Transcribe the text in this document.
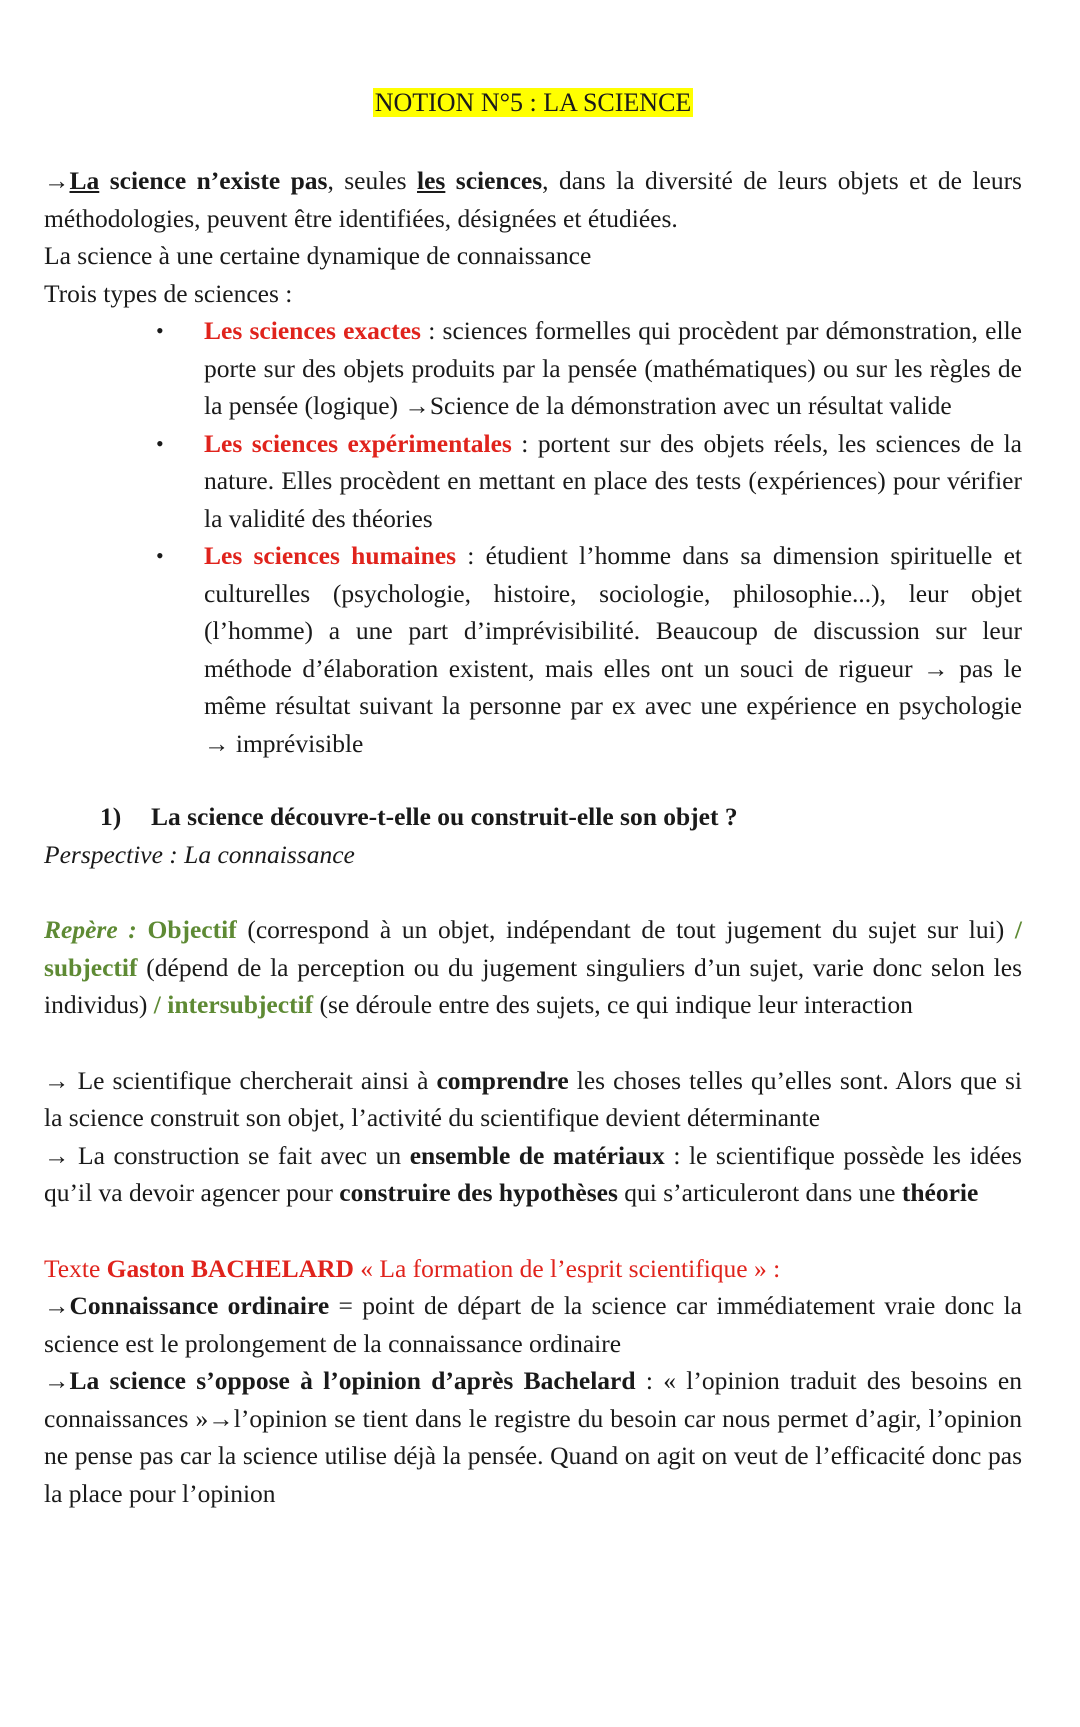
NOTION N°5 : LA SCIENCE

→La science n’existe pas, seules les sciences, dans la diversité de leurs objets et de leurs méthodologies, peuvent être identifiées, désignées et étudiées.

La science à une certaine dynamique de connaissance

Trois types de sciences :

• Les sciences exactes : sciences formelles qui procèdent par démonstration, elle porte sur des objets produits par la pensée (mathématiques) ou sur les règles de la pensée (logique) →Science de la démonstration avec un résultat valide
• Les sciences expérimentales : portent sur des objets réels, les sciences de la nature. Elles procèdent en mettant en place des tests (expériences) pour vérifier la validité des théories
• Les sciences humaines : étudient l’homme dans sa dimension spirituelle et culturelles (psychologie, histoire, sociologie, philosophie...), leur objet (l’homme) a une part d’imprévisibilité. Beaucoup de discussion sur leur méthode d’élaboration existent, mais elles ont un souci de rigueur → pas le même résultat suivant la personne par ex avec une expérience en psychologie → imprévisible

1) La science découvre-t-elle ou construit-elle son objet ?

Perspective : La connaissance

Repère : Objectif (correspond à un objet, indépendant de tout jugement du sujet sur lui) / subjectif (dépend de la perception ou du jugement singuliers d’un sujet, varie donc selon les individus) / intersubjectif (se déroule entre des sujets, ce qui indique leur interaction

→ Le scientifique chercherait ainsi à comprendre les choses telles qu’elles sont. Alors que si la science construit son objet, l’activité du scientifique devient déterminante

→ La construction se fait avec un ensemble de matériaux : le scientifique possède les idées qu’il va devoir agencer pour construire des hypothèses qui s’articuleront dans une théorie

Texte Gaston BACHELARD « La formation de l’esprit scientifique » :

→Connaissance ordinaire = point de départ de la science car immédiatement vraie donc la science est le prolongement de la connaissance ordinaire

→La science s’oppose à l’opinion d’après Bachelard : « l’opinion traduit des besoins en connaissances »→l’opinion se tient dans le registre du besoin car nous permet d’agir, l’opinion ne pense pas car la science utilise déjà la pensée. Quand on agit on veut de l’efficacité donc pas la place pour l’opinion
